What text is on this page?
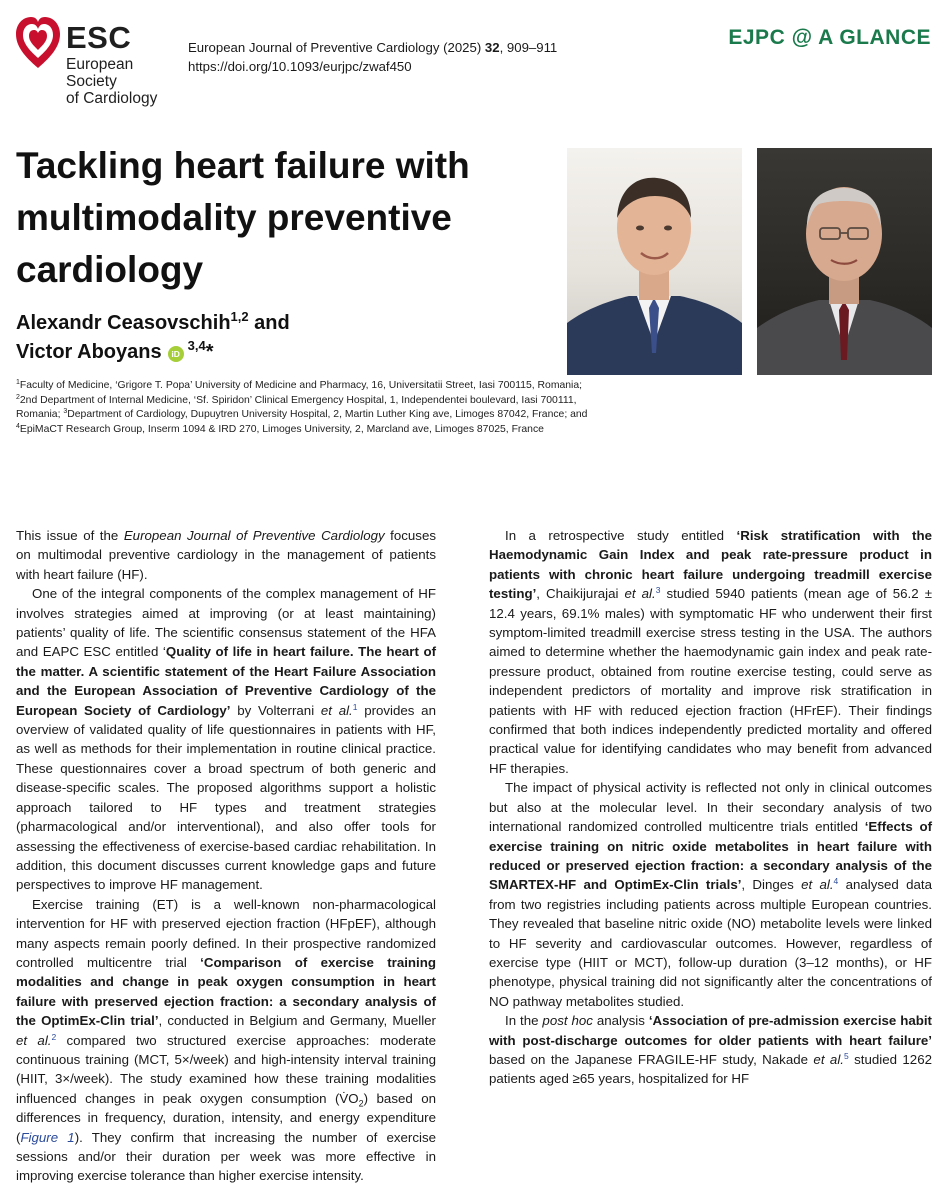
ESC
European Society
of Cardiology
European Journal of Preventive Cardiology (2025) 32, 909–911
https://doi.org/10.1093/eurjpc/zwaf450
EJPC @ A GLANCE
Tackling heart failure with multimodality preventive cardiology
Alexandr Ceasovschih$^{1,2}$ and
Victor Aboyans iD$^{3,4}$*
$^1$Faculty of Medicine, ‘Grigore T. Popa’ University of Medicine and Pharmacy, 16, Universitatii Street, Iasi 700115, Romania; $^2$2nd Department of Internal Medicine, ‘Sf. Spiridon’ Clinical Emergency Hospital, 1, Independentei boulevard, Iasi 700111, Romania; $^3$Department of Cardiology, Dupuytren University Hospital, 2, Martin Luther King ave, Limoges 87042, France; and
$^4$EpiMaCT Research Group, Inserm 1094 & IRD 270, Limoges University, 2, Marcland ave, Limoges 87025, France

This issue of the European Journal of Preventive Cardiology focuses on multimodal preventive cardiology in the management of patients with heart failure (HF).

One of the integral components of the complex management of HF involves strategies aimed at improving (or at least maintaining) patients’ quality of life. The scientific consensus statement of the HFA and EAPC ESC entitled ‘Quality of life in heart failure. The heart of the matter. A scientific statement of the Heart Failure Association and the European Association of Preventive Cardiology of the European Society of Cardiology’ by Volterrani et al.$^1$ provides an overview of validated quality of life questionnaires in patients with HF, as well as methods for their implementation in routine clinical practice. These questionnaires cover a broad spectrum of both generic and disease-specific scales. The proposed algorithms support a holistic approach tailored to HF types and treatment strategies (pharmacological and/or interventional), and also offer tools for assessing the effectiveness of exercise-based cardiac rehabilitation. In addition, this document discusses current knowledge gaps and future perspectives to improve HF management.

Exercise training (ET) is a well-known non-pharmacological intervention for HF with preserved ejection fraction (HFpEF), although many aspects remain poorly defined. In their prospective randomized controlled multicentre trial ‘Comparison of exercise training modalities and change in peak oxygen consumption in heart failure with preserved ejection fraction: a secondary analysis of the OptimEx-Clin trial’, conducted in Belgium and Germany, Mueller et al.$^2$ compared two structured exercise approaches: moderate continuous training (MCT, 5×/week) and high-intensity interval training (HIIT, 3×/week). The study examined how these training modalities influenced changes in peak oxygen consumption $(V̇O_2)$ based on differences in frequency, duration, intensity, and energy expenditure (Figure 1). They confirm that increasing the number of exercise sessions and/or their duration per week was more effective in improving exercise tolerance than higher exercise intensity.

In a retrospective study entitled ‘Risk stratification with the Haemodynamic Gain Index and peak rate-pressure product in patients with chronic heart failure undergoing treadmill exercise testing’, Chaikijurajai et al.$^3$ studied 5940 patients (mean age of 56.2 ± 12.4 years, 69.1% males) with symptomatic HF who underwent their first symptom-limited treadmill exercise stress testing in the USA. The authors aimed to determine whether the haemodynamic gain index and peak rate-pressure product, obtained from routine exercise testing, could serve as independent predictors of mortality and improve risk stratification in patients with HF with reduced ejection fraction (HFrEF). Their findings confirmed that both indices independently predicted mortality and offered practical value for identifying candidates who may benefit from advanced HF therapies.

The impact of physical activity is reflected not only in clinical outcomes but also at the molecular level. In their secondary analysis of two international randomized controlled multicentre trials entitled ‘Effects of exercise training on nitric oxide metabolites in heart failure with reduced or preserved ejection fraction: a secondary analysis of the SMARTEX-HF and OptimEx-Clin trials’, Dinges et al.$^4$ analysed data from two registries including patients across multiple European countries. They revealed that baseline nitric oxide (NO) metabolite levels were linked to HF severity and cardiovascular outcomes. However, regardless of exercise type (HIIT or MCT), follow-up duration (3–12 months), or HF phenotype, physical training did not significantly alter the concentrations of NO pathway metabolites studied.

In the post hoc analysis ‘Association of pre-admission exercise habit with post-discharge outcomes for older patients with heart failure’ based on the Japanese FRAGILE-HF study, Nakade et al.$^5$ studied 1262 patients aged ≥65 years, hospitalized for HF
